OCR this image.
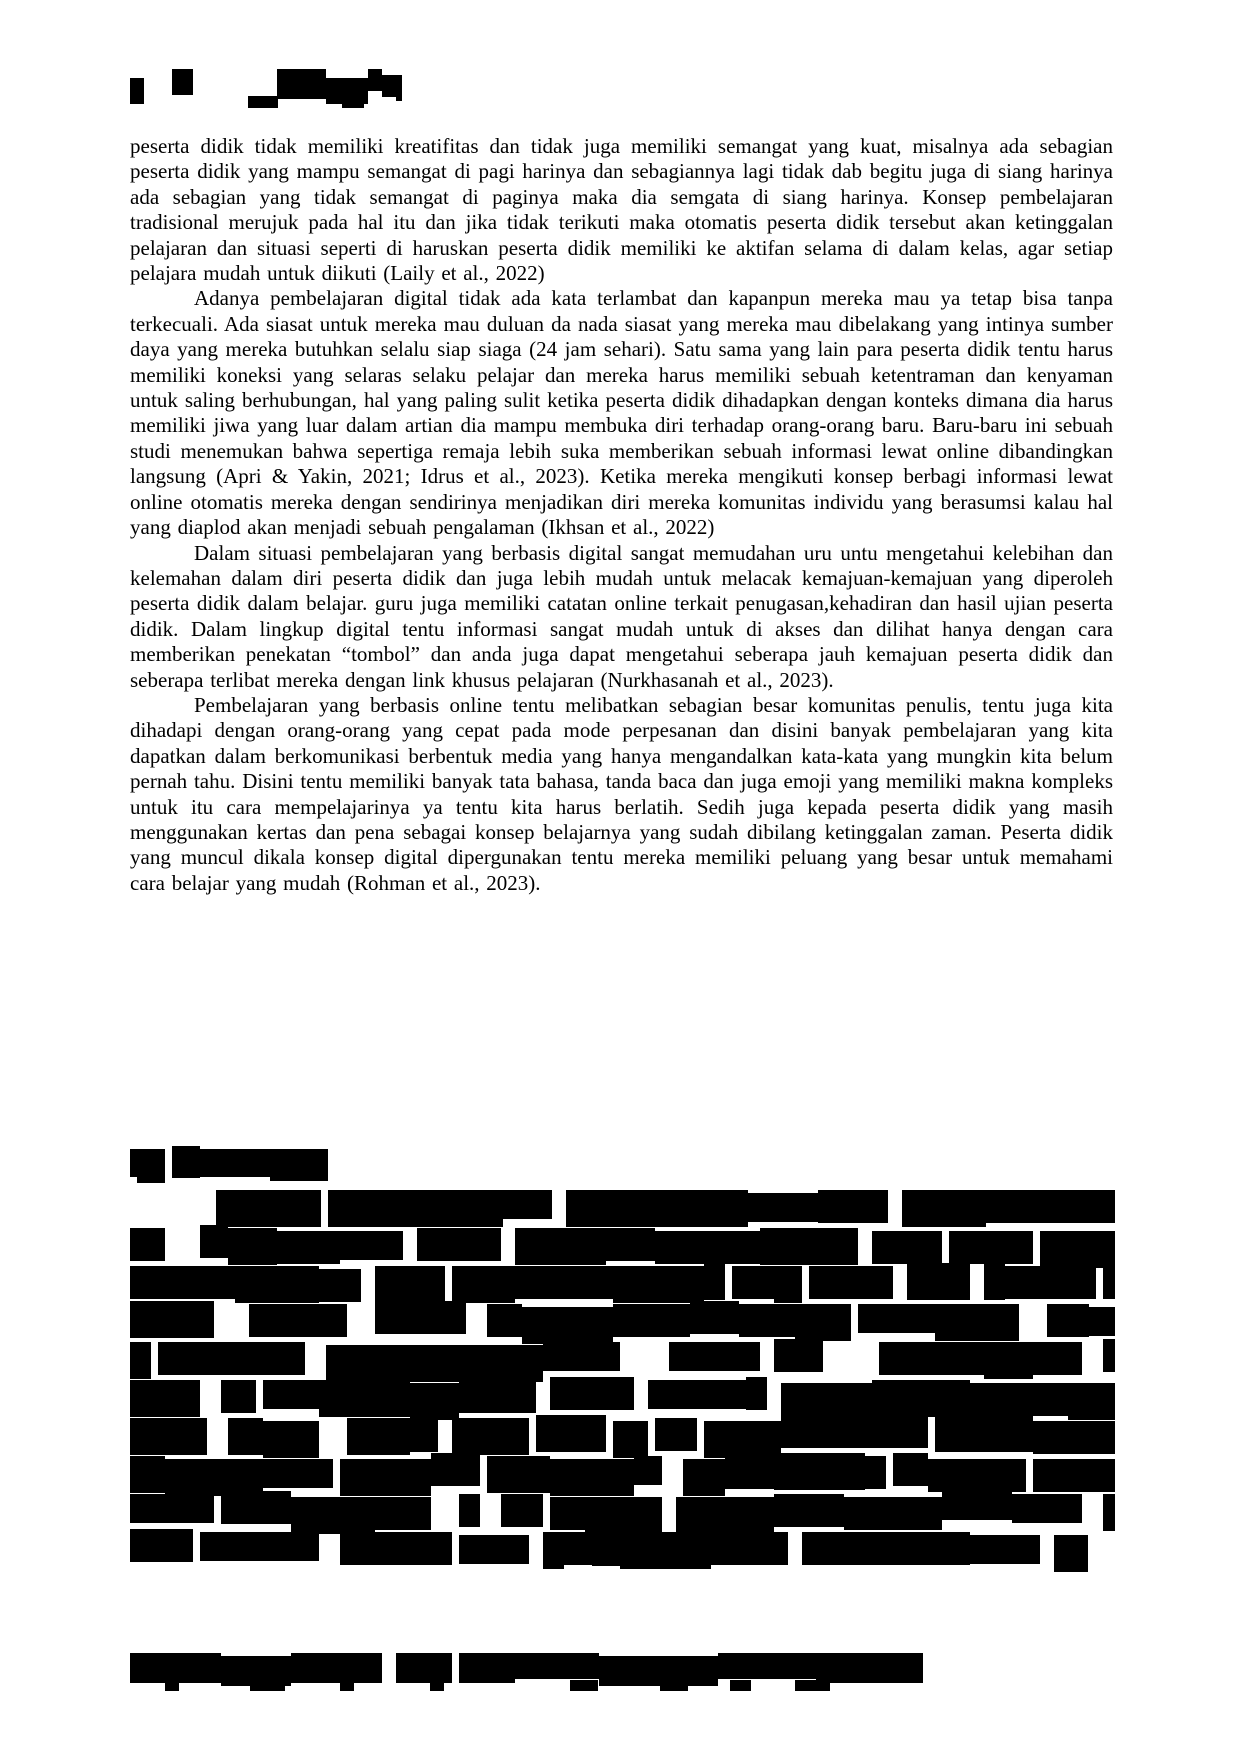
peserta didik tidak memiliki kreatifitas dan tidak juga memiliki semangat yang kuat, misalnya ada sebagian peserta didik yang mampu semangat di pagi harinya dan sebagiannya lagi tidak dab begitu juga di siang harinya ada sebagian yang tidak semangat di paginya maka dia semgata di siang harinya. Konsep pembelajaran tradisional merujuk pada hal itu dan jika tidak terikuti maka otomatis peserta didik tersebut akan ketinggalan pelajaran dan situasi seperti di haruskan peserta didik memiliki ke aktifan selama di dalam kelas, agar setiap pelajara mudah untuk diikuti (Laily et al., 2022)

Adanya pembelajaran digital tidak ada kata terlambat dan kapanpun mereka mau ya tetap bisa tanpa terkecuali. Ada siasat untuk mereka mau duluan da nada siasat yang mereka mau dibelakang yang intinya sumber daya yang mereka butuhkan selalu siap siaga (24 jam sehari). Satu sama yang lain para peserta didik tentu harus memiliki koneksi yang selaras selaku pelajar dan mereka harus memiliki sebuah ketentraman dan kenyaman untuk saling berhubungan, hal yang paling sulit ketika peserta didik dihadapkan dengan konteks dimana dia harus memiliki jiwa yang luar dalam artian dia mampu membuka diri terhadap orang-orang baru. Baru-baru ini sebuah studi menemukan bahwa sepertiga remaja lebih suka memberikan sebuah informasi lewat online dibandingkan langsung (Apri & Yakin, 2021; Idrus et al., 2023). Ketika mereka mengikuti konsep berbagi informasi lewat online otomatis mereka dengan sendirinya menjadikan diri mereka komunitas individu yang berasumsi kalau hal yang diaplod akan menjadi sebuah pengalaman (Ikhsan et al., 2022)

Dalam situasi pembelajaran yang berbasis digital sangat memudahan uru untu mengetahui kelebihan dan kelemahan dalam diri peserta didik dan juga lebih mudah untuk melacak kemajuan-kemajuan yang diperoleh peserta didik dalam belajar. guru juga memiliki catatan online terkait penugasan,kehadiran dan hasil ujian peserta didik. Dalam lingkup digital tentu informasi sangat mudah untuk di akses dan dilihat hanya dengan cara memberikan penekatan “tombol” dan anda juga dapat mengetahui seberapa jauh kemajuan peserta didik dan seberapa terlibat mereka dengan link khusus pelajaran (Nurkhasanah et al., 2023).

Pembelajaran yang berbasis online tentu melibatkan sebagian besar komunitas penulis, tentu juga kita dihadapi dengan orang-orang yang cepat pada mode perpesanan dan disini banyak pembelajaran yang kita dapatkan dalam berkomunikasi berbentuk media yang hanya mengandalkan kata-kata yang mungkin kita belum pernah tahu. Disini tentu memiliki banyak tata bahasa, tanda baca dan juga emoji yang memiliki makna kompleks untuk itu cara mempelajarinya ya tentu kita harus berlatih. Sedih juga kepada peserta didik yang masih menggunakan kertas dan pena sebagai konsep belajarnya yang sudah dibilang ketinggalan zaman. Peserta didik yang muncul dikala konsep digital dipergunakan tentu mereka memiliki peluang yang besar untuk memahami cara belajar yang mudah (Rohman et al., 2023).
